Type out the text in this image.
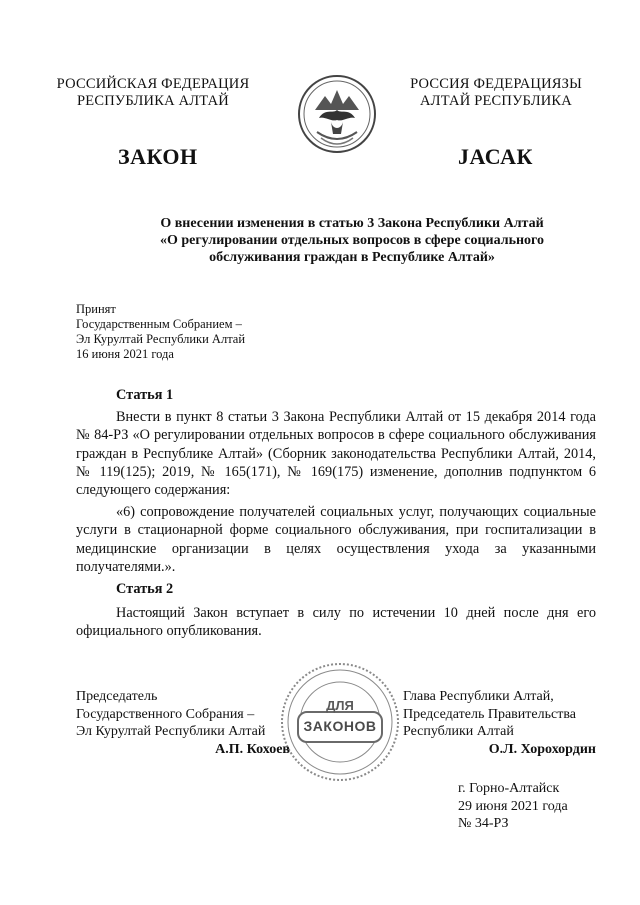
РОССИЙСКАЯ ФЕДЕРАЦИЯ
РЕСПУБЛИКА АЛТАЙ
РОССИЯ ФЕДЕРАЦИЯЗЫ
АЛТАЙ РЕСПУБЛИКА
ЗАКОН	ЈАСАК
О внесении изменения в статью 3 Закона Республики Алтай
«О регулировании отдельных вопросов в сфере социального
обслуживания граждан в Республике Алтай»
Принят
Государственным Собранием –
Эл Курултай Республики Алтай
16 июня 2021 года
Статья 1
Внести в пункт 8 статьи 3 Закона Республики Алтай от 15 декабря 2014 года № 84-РЗ «О регулировании отдельных вопросов в сфере социального обслуживания граждан в Республике Алтай» (Сборник законодательства Республики Алтай, 2014, № 119(125); 2019, № 165(171), № 169(175) изменение, дополнив подпунктом 6 следующего содержания:
«6) сопровождение получателей социальных услуг, получающих социальные услуги в стационарной форме социального обслуживания, при госпитализации в медицинские организации в целях осуществления ухода за указанными получателями.».
Статья 2
Настоящий Закон вступает в силу по истечении 10 дней после дня его официального опубликования.
ДЛЯ
ЗАКОНОВ
Председатель
Государственного Собрания –
Эл Курултай Республики Алтай
А.П. Кохоев
Глава Республики Алтай,
Председатель Правительства
Республики Алтай
О.Л. Хорохордин
г. Горно-Алтайск
29 июня 2021 года
№ 34-РЗ
